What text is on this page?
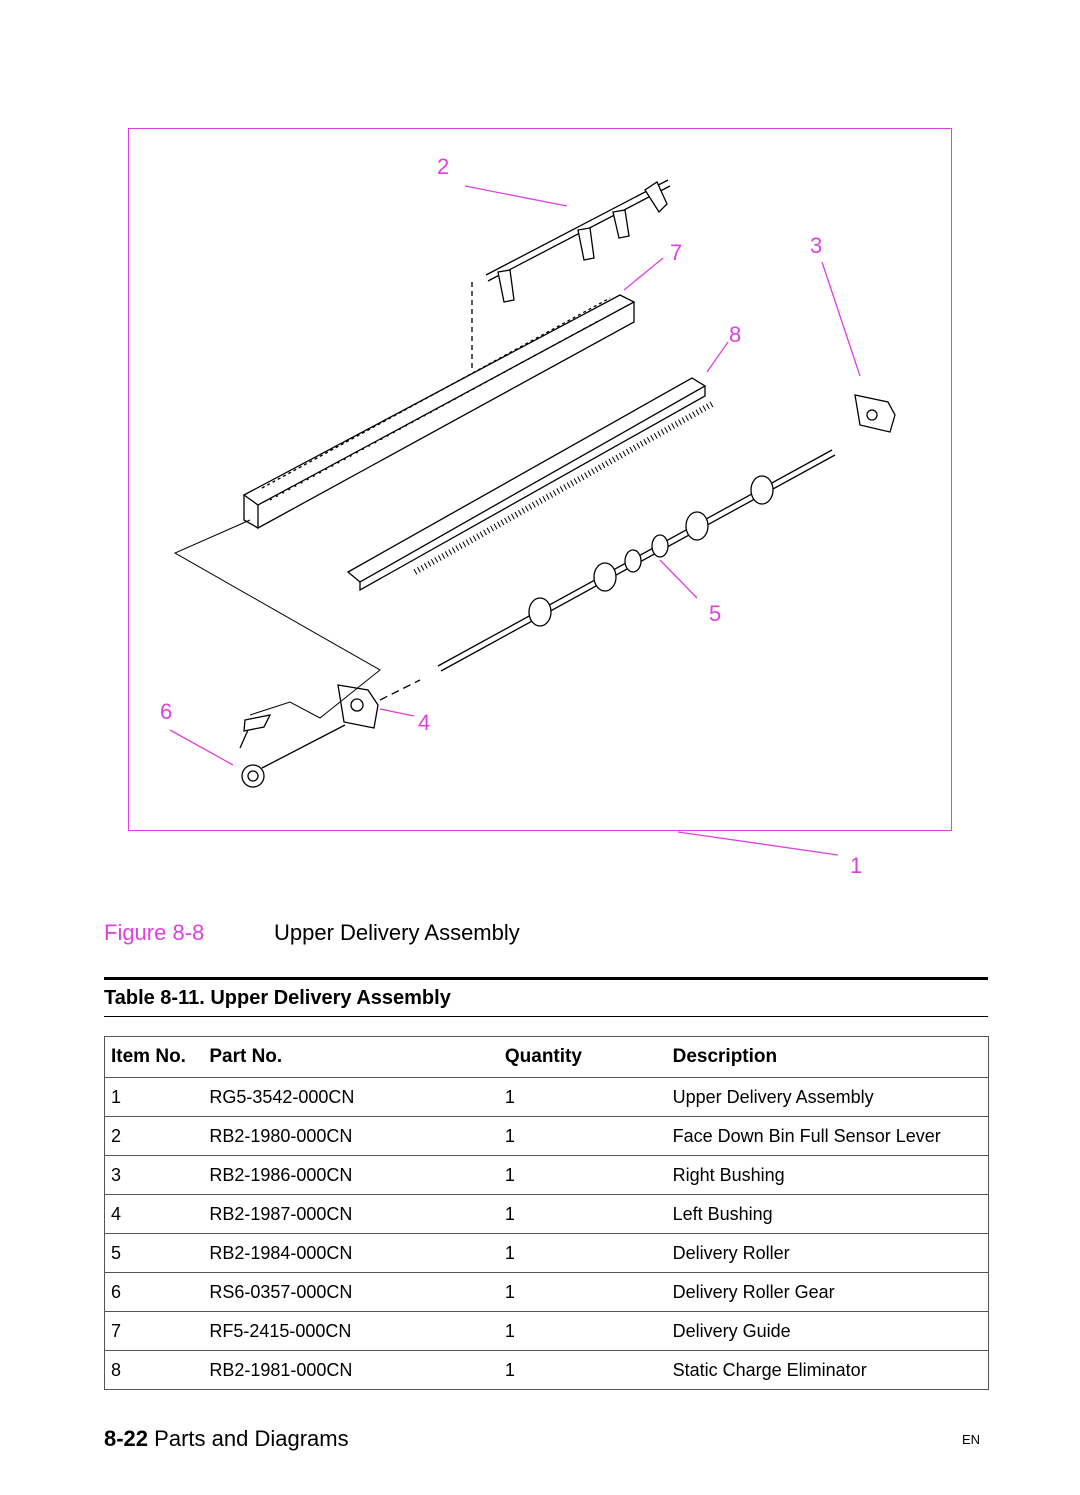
2
7	3
8
5
6	4
1
Figure 8-8	Upper Delivery Assembly
Table 8-11. Upper Delivery Assembly
Item No.	Part No.	Quantity	Description
1	RG5-3542-000CN	1	Upper Delivery Assembly
2	RB2-1980-000CN	1	Face Down Bin Full Sensor Lever
3	RB2-1986-000CN	1	Right Bushing
4	RB2-1987-000CN	1	Left Bushing
5	RB2-1984-000CN	1	Delivery Roller
6	RS6-0357-000CN	1	Delivery Roller Gear
7	RF5-2415-000CN	1	Delivery Guide
8	RB2-1981-000CN	1	Static Charge Eliminator
8-22 Parts and Diagrams	EN
